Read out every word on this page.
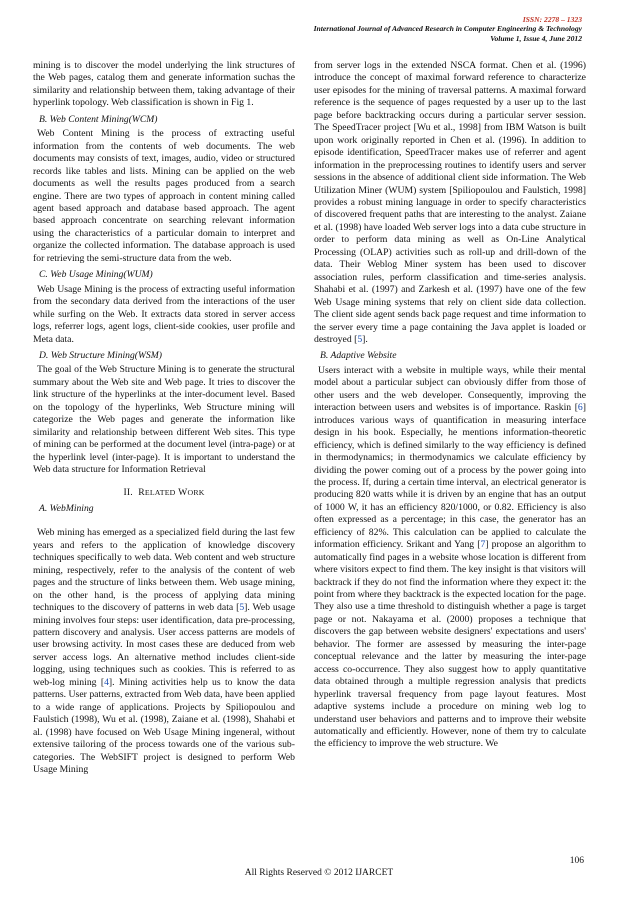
ISSN: 2278 – 1323
International Journal of Advanced Research in Computer Engineering & Technology
Volume 1, Issue 4, June 2012

mining is to discover the model underlying the link structures of the Web pages, catalog them and generate information suchas the similarity and relationship between them, taking advantage of their hyperlink topology. Web classification is shown in Fig 1.

B. Web Content Mining(WCM)

Web Content Mining is the process of extracting useful information from the contents of web documents. The web documents may consists of text, images, audio, video or structured records like tables and lists. Mining can be applied on the web documents as well the results pages produced from a search engine. There are two types of approach in content mining called agent based approach and database based approach. The agent based approach concentrate on searching relevant information using the characteristics of a particular domain to interpret and organize the collected information. The database approach is used for retrieving the semi-structure data from the web.

C. Web Usage Mining(WUM)

Web Usage Mining is the process of extracting useful information from the secondary data derived from the interactions of the user while surfing on the Web. It extracts data stored in server access logs, referrer logs, agent logs, client-side cookies, user profile and Meta data.

D. Web Structure Mining(WSM)

The goal of the Web Structure Mining is to generate the structural summary about the Web site and Web page. It tries to discover the link structure of the hyperlinks at the inter-document level. Based on the topology of the hyperlinks, Web Structure mining will categorize the Web pages and generate the information like similarity and relationship between different Web sites. This type of mining can be performed at the document level (intra-page) or at the hyperlink level (inter-page). It is important to understand the Web data structure for Information Retrieval

II. RELATED WORK
A. WebMining

Web mining has emerged as a specialized field during the last few years and refers to the application of knowledge discovery techniques specifically to web data. Web content and web structure mining, respectively, refer to the analysis of the content of web pages and the structure of links between them. Web usage mining, on the other hand, is the process of applying data mining techniques to the discovery of patterns in web data [5]. Web usage mining involves four steps: user identification, data pre-processing, pattern discovery and analysis. User access patterns are models of user browsing activity. In most cases these are deduced from web server access logs. An alternative method includes client-side logging, using techniques such as cookies. This is referred to as web-log mining [4]. Mining activities help us to know the data patterns. User patterns, extracted from Web data, have been applied to a wide range of applications. Projects by Spiliopoulou and Faulstich (1998), Wu et al. (1998), Zaiane et al. (1998), Shahabi et al. (1998) have focused on Web Usage Mining ingeneral, without extensive tailoring of the process towards one of the various sub-categories. The WebSIFT project is designed to perform Web Usage Mining

from server logs in the extended NSCA format. Chen et al. (1996) introduce the concept of maximal forward reference to characterize user episodes for the mining of traversal patterns. A maximal forward reference is the sequence of pages requested by a user up to the last page before backtracking occurs during a particular server session. The SpeedTracer project [Wu et al., 1998] from IBM Watson is built upon work originally reported in Chen et al. (1996). In addition to episode identification, SpeedTracer makes use of referrer and agent information in the preprocessing routines to identify users and server sessions in the absence of additional client side information. The Web Utilization Miner (WUM) system [Spiliopoulou and Faulstich, 1998] provides a robust mining language in order to specify characteristics of discovered frequent paths that are interesting to the analyst. Zaiane et al. (1998) have loaded Web server logs into a data cube structure in order to perform data mining as well as On-Line Analytical Processing (OLAP) activities such as roll-up and drill-down of the data. Their Weblog Miner system has been used to discover association rules, perform classification and time-series analysis. Shahabi et al. (1997) and Zarkesh et al. (1997) have one of the few Web Usage mining systems that rely on client side data collection. The client side agent sends back page request and time information to the server every time a page containing the Java applet is loaded or destroyed [5].

B. Adaptive Website

Users interact with a website in multiple ways, while their mental model about a particular subject can obviously differ from those of other users and the web developer. Consequently, improving the interaction between users and websites is of importance. Raskin [6] introduces various ways of quantification in measuring interface design in his book. Especially, he mentions information-theoretic efficiency, which is defined similarly to the way efficiency is defined in thermodynamics; in thermodynamics we calculate efficiency by dividing the power coming out of a process by the power going into the process. If, during a certain time interval, an electrical generator is producing 820 watts while it is driven by an engine that has an output of 1000 W, it has an efficiency 820/1000, or 0.82. Efficiency is also often expressed as a percentage; in this case, the generator has an efficiency of 82%. This calculation can be applied to calculate the information efficiency. Srikant and Yang [7] propose an algorithm to automatically find pages in a website whose location is different from where visitors expect to find them. The key insight is that visitors will backtrack if they do not find the information where they expect it: the point from where they backtrack is the expected location for the page. They also use a time threshold to distinguish whether a page is target page or not. Nakayama et al. (2000) proposes a technique that discovers the gap between website designers' expectations and users' behavior. The former are assessed by measuring the inter-page conceptual relevance and the latter by measuring the inter-page access co-occurrence. They also suggest how to apply quantitative data obtained through a multiple regression analysis that predicts hyperlink traversal frequency from page layout features. Most adaptive systems include a procedure on mining web log to understand user behaviors and patterns and to improve their website automatically and efficiently. However, none of them try to calculate the efficiency to improve the web structure. We

106
All Rights Reserved © 2012 IJARCET
